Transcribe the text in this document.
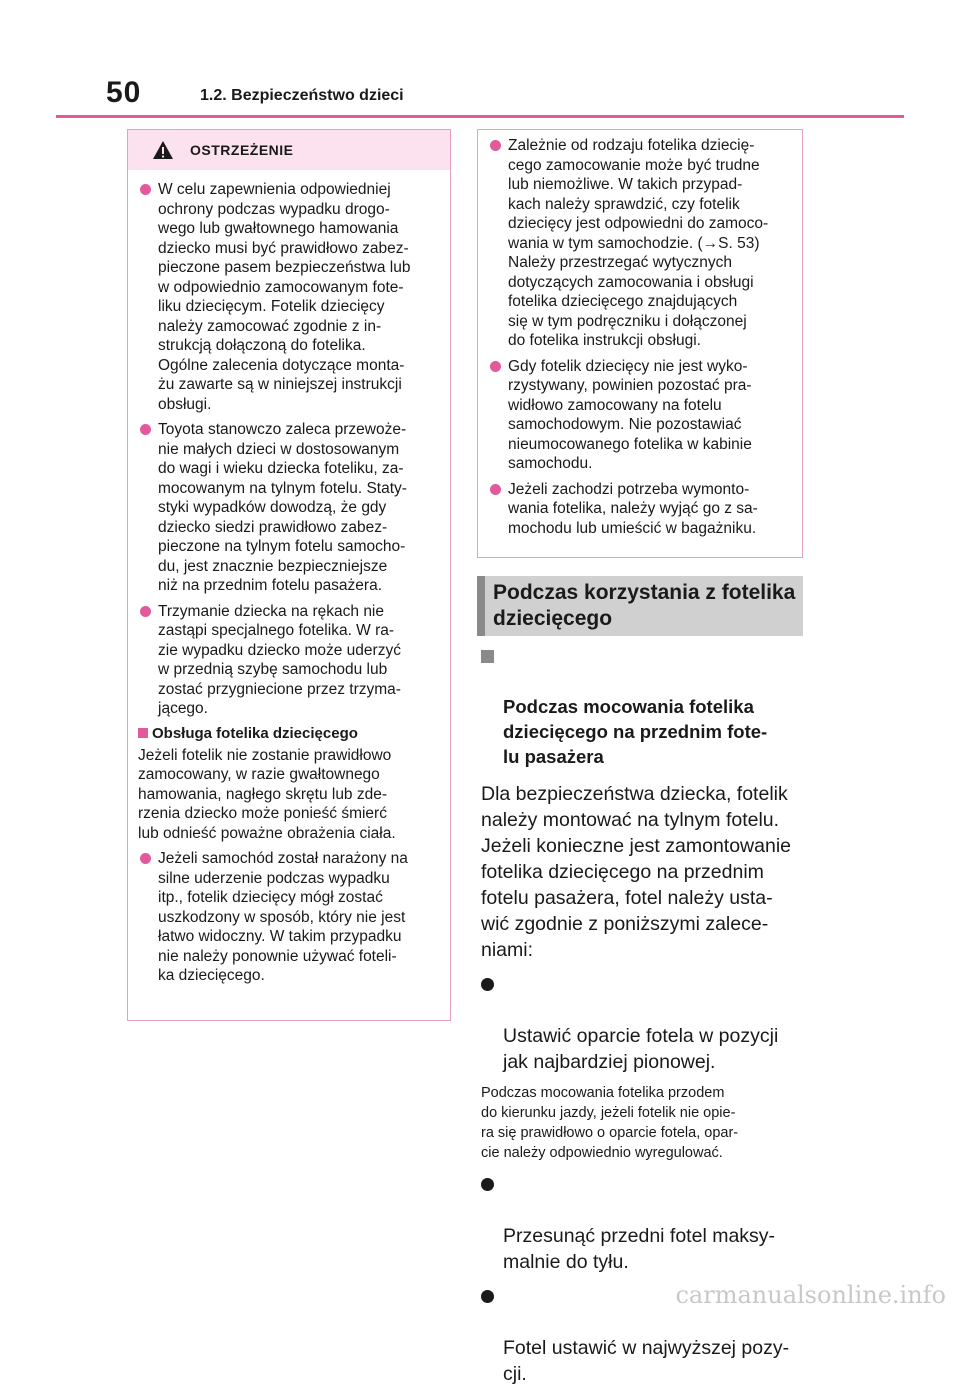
50	1.2. Bezpieczeństwo dzieci
OSTRZEŻENIE
W celu zapewnienia odpowiedniej
ochrony podczas wypadku drogo-
wego lub gwałtownego hamowania
dziecko musi być prawidłowo zabez-
pieczone pasem bezpieczeństwa lub
w odpowiednio zamocowanym fote-
liku dziecięcym. Fotelik dziecięcy
należy zamocować zgodnie z in-
strukcją dołączoną do fotelika.
Ogólne zalecenia dotyczące monta-
żu zawarte są w niniejszej instrukcji
obsługi.
Toyota stanowczo zaleca przewoże-
nie małych dzieci w dostosowanym
do wagi i wieku dziecka foteliku, za-
mocowanym na tylnym fotelu. Staty-
styki wypadków dowodzą, że gdy
dziecko siedzi prawidłowo zabez-
pieczone na tylnym fotelu samocho-
du, jest znacznie bezpieczniejsze
niż na przednim fotelu pasażera.
Trzymanie dziecka na rękach nie
zastąpi specjalnego fotelika. W ra-
zie wypadku dziecko może uderzyć
w przednią szybę samochodu lub
zostać przygniecione przez trzyma-
jącego.
Obsługa fotelika dziecięcego
Jeżeli fotelik nie zostanie prawidłowo
zamocowany, w razie gwałtownego
hamowania, nagłego skrętu lub zde-
rzenia dziecko może ponieść śmierć
lub odnieść poważne obrażenia ciała.
Jeżeli samochód został narażony na
silne uderzenie podczas wypadku
itp., fotelik dziecięcy mógł zostać
uszkodzony w sposób, który nie jest
łatwo widoczny. W takim przypadku
nie należy ponownie używać foteli-
ka dziecięcego.
Zależnie od rodzaju fotelika dziecię-
cego zamocowanie może być trudne
lub niemożliwe. W takich przypad-
kach należy sprawdzić, czy fotelik
dziecięcy jest odpowiedni do zamoco-
wania w tym samochodzie. (→S. 53)
Należy przestrzegać wytycznych
dotyczących zamocowania i obsługi
fotelika dziecięcego znajdujących
się w tym podręczniku i dołączonej
do fotelika instrukcji obsługi.
Gdy fotelik dziecięcy nie jest wyko-
rzystywany, powinien pozostać pra-
widłowo zamocowany na fotelu
samochodowym. Nie pozostawiać
nieumocowanego fotelika w kabinie
samochodu.
Jeżeli zachodzi potrzeba wymonto-
wania fotelika, należy wyjąć go z sa-
mochodu lub umieścić w bagażniku.
Podczas korzystania z fotelika
dziecięcego

Podczas mocowania fotelika
dziecięcego na przednim fote-
lu pasażera

Dla bezpieczeństwa dziecka, fotelik
należy montować na tylnym fotelu.
Jeżeli konieczne jest zamontowanie
fotelika dziecięcego na przednim
fotelu pasażera, fotel należy usta-
wić zgodnie z poniższymi zalece-
niami:

Ustawić oparcie fotela w pozycji
jak najbardziej pionowej.

Podczas mocowania fotelika przodem
do kierunku jazdy, jeżeli fotelik nie opie-
ra się prawidłowo o oparcie fotela, opar-
cie należy odpowiednio wyregulować.

Przesunąć przedni fotel maksy-
malnie do tyłu.

Fotel ustawić w najwyższej pozy-
cji.

carmanualsonline.info
